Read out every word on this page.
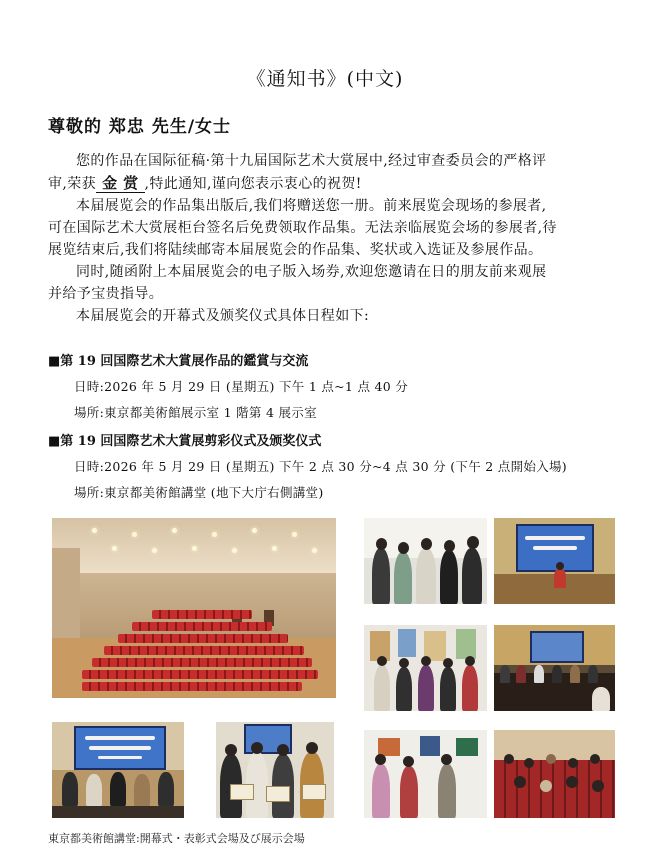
《通知书》(中文)
尊敬的 郑忠 先生/女士
您的作品在国际征稿·第十九届国际艺术大赏展中,经过审查委员会的严格评
审,荣获 金 赏 ,特此通知,谨向您表示衷心的祝贺!
本届展览会的作品集出版后,我们将赠送您一册。前来展览会现场的参展者,
可在国际艺术大赏展柜台签名后免费领取作品集。无法亲临展览会场的参展者,待
展览结束后,我们将陆续邮寄本届展览会的作品集、奖状或入选证及参展作品。
同时,随函附上本届展览会的电子版入场券,欢迎您邀请在日的朋友前来观展
并给予宝贵指导。
本届展览会的开幕式及颁奖仪式具体日程如下:
■第 19 回国際艺术大賞展作品的鑑賞与交流
日時:2026 年 5 月 29 日 (星期五) 下午 1 点~1 点 40 分
場所:東京都美術館展示室 1 階第 4 展示室
■第 19 回国際艺术大賞展剪彩仪式及颁奖仪式
日時:2026 年 5 月 29 日 (星期五) 下午 2 点 30 分~4 点 30 分 (下午 2 点開始入場)
場所:東京都美術館講堂 (地下大庁右側講堂)
東京都美術館講堂:開幕式・表彰式会場及び展示会場
